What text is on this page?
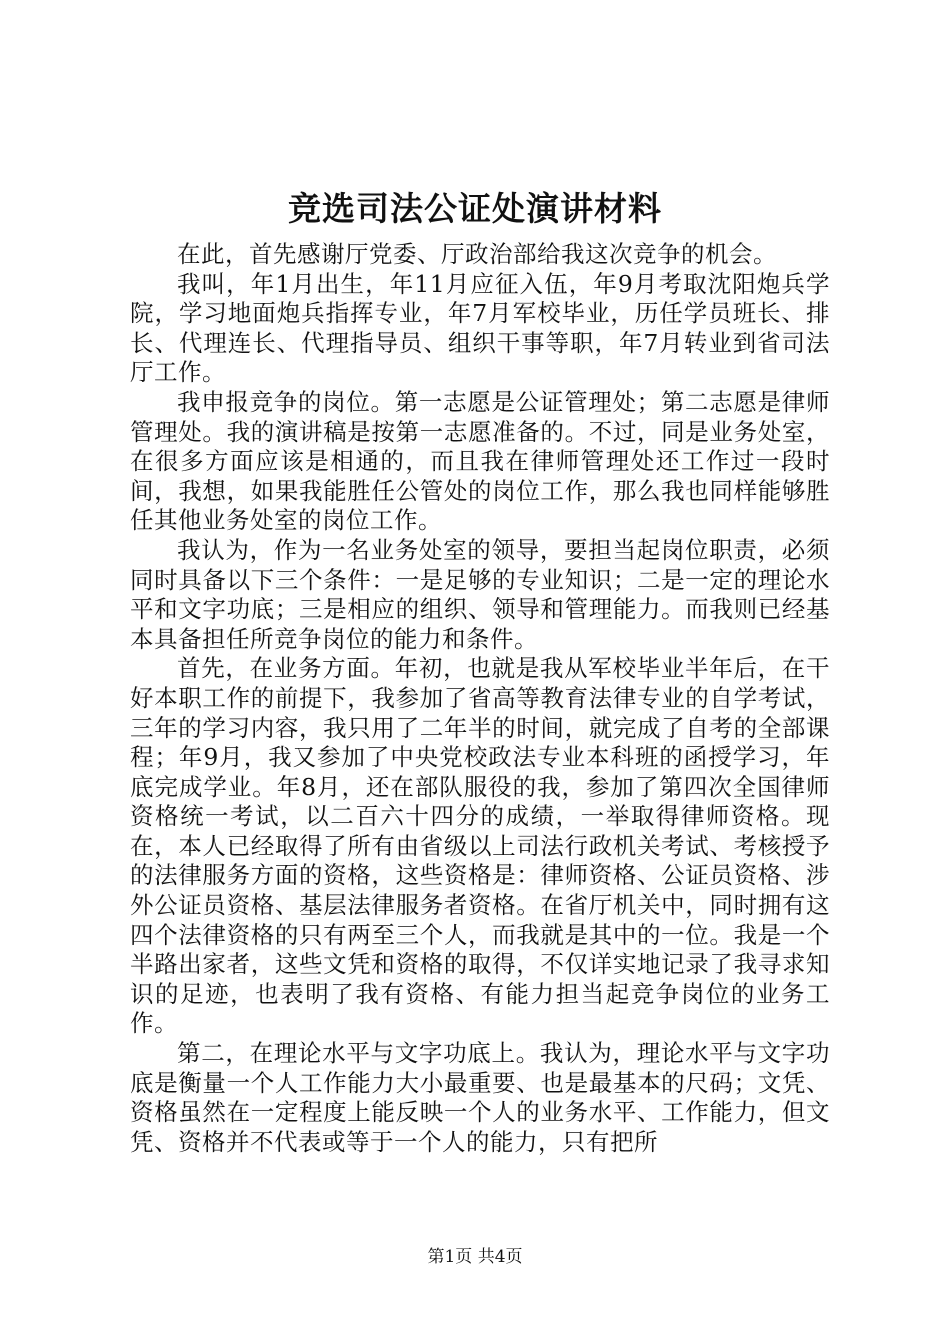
竞选司法公证处演讲材料

在此，首先感谢厅党委、厅政治部给我这次竞争的机会。

我叫，年1月出生，年11月应征入伍，年9月考取沈阳炮兵学院，学习地面炮兵指挥专业，年7月军校毕业，历任学员班长、排长、代理连长、代理指导员、组织干事等职，年7月转业到省司法厅工作。

我申报竞争的岗位。第一志愿是公证管理处；第二志愿是律师管理处。我的演讲稿是按第一志愿准备的。不过，同是业务处室，在很多方面应该是相通的，而且我在律师管理处还工作过一段时间，我想，如果我能胜任公管处的岗位工作，那么我也同样能够胜任其他业务处室的岗位工作。

我认为，作为一名业务处室的领导，要担当起岗位职责，必须同时具备以下三个条件：一是足够的专业知识；二是一定的理论水平和文字功底；三是相应的组织、领导和管理能力。而我则已经基本具备担任所竞争岗位的能力和条件。

首先，在业务方面。年初，也就是我从军校毕业半年后，在干好本职工作的前提下，我参加了省高等教育法律专业的自学考试，三年的学习内容，我只用了二年半的时间，就完成了自考的全部课程；年9月，我又参加了中央党校政法专业本科班的函授学习，年底完成学业。年8月，还在部队服役的我，参加了第四次全国律师资格统一考试，以二百六十四分的成绩，一举取得律师资格。现在，本人已经取得了所有由省级以上司法行政机关考试、考核授予的法律服务方面的资格，这些资格是：律师资格、公证员资格、涉外公证员资格、基层法律服务者资格。在省厅机关中，同时拥有这四个法律资格的只有两至三个人，而我就是其中的一位。我是一个半路出家者，这些文凭和资格的取得，不仅详实地记录了我寻求知识的足迹，也表明了我有资格、有能力担当起竞争岗位的业务工作。

第二，在理论水平与文字功底上。我认为，理论水平与文字功底是衡量一个人工作能力大小最重要、也是最基本的尺码；文凭、资格虽然在一定程度上能反映一个人的业务水平、工作能力，但文凭、资格并不代表或等于一个人的能力，只有把所

第1页 共4页
